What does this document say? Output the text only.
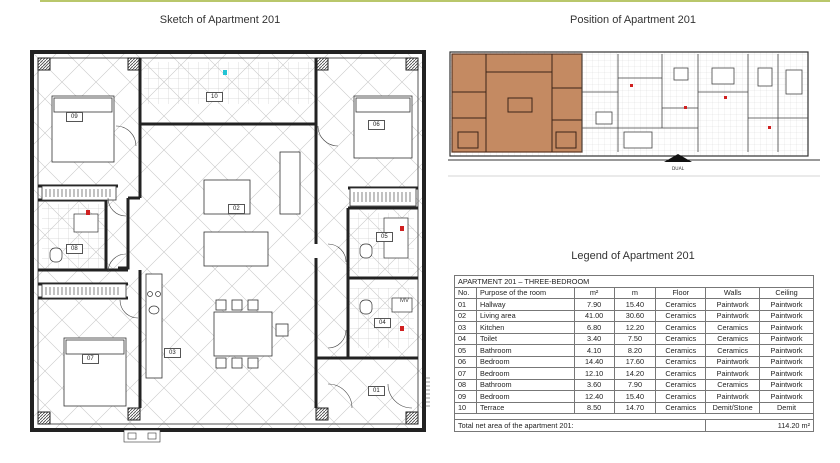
Sketch of Apartment 201	Position of Apartment 201
Legend of Apartment 201
10
09
06
02
08
05
04
07
03
01
MV
DUAL
APARTMENT 201 – THREE-BEDROOM						
No.	Purpose of the room	m²	m	Floor	Walls	Ceiling
01	Hallway	7.90	15.40	Ceramics	Paintwork	Paintwork
02	Living area	41.00	30.60	Ceramics	Paintwork	Paintwork
03	Kitchen	6.80	12.20	Ceramics	Ceramics	Paintwork
04	Toilet	3.40	7.50	Ceramics	Ceramics	Paintwork
05	Bathroom	4.10	8.20	Ceramics	Ceramics	Paintwork
06	Bedroom	14.40	17.60	Ceramics	Paintwork	Paintwork
07	Bedroom	12.10	14.20	Ceramics	Paintwork	Paintwork
08	Bathroom	3.60	7.90	Ceramics	Ceramics	Paintwork
09	Bedroom	12.40	15.40	Ceramics	Paintwork	Paintwork
10	Terrace	8.50	14.70	Ceramics	Demit/Stone	Demit

Total net area of the apartment 201:					114.20 m²	
